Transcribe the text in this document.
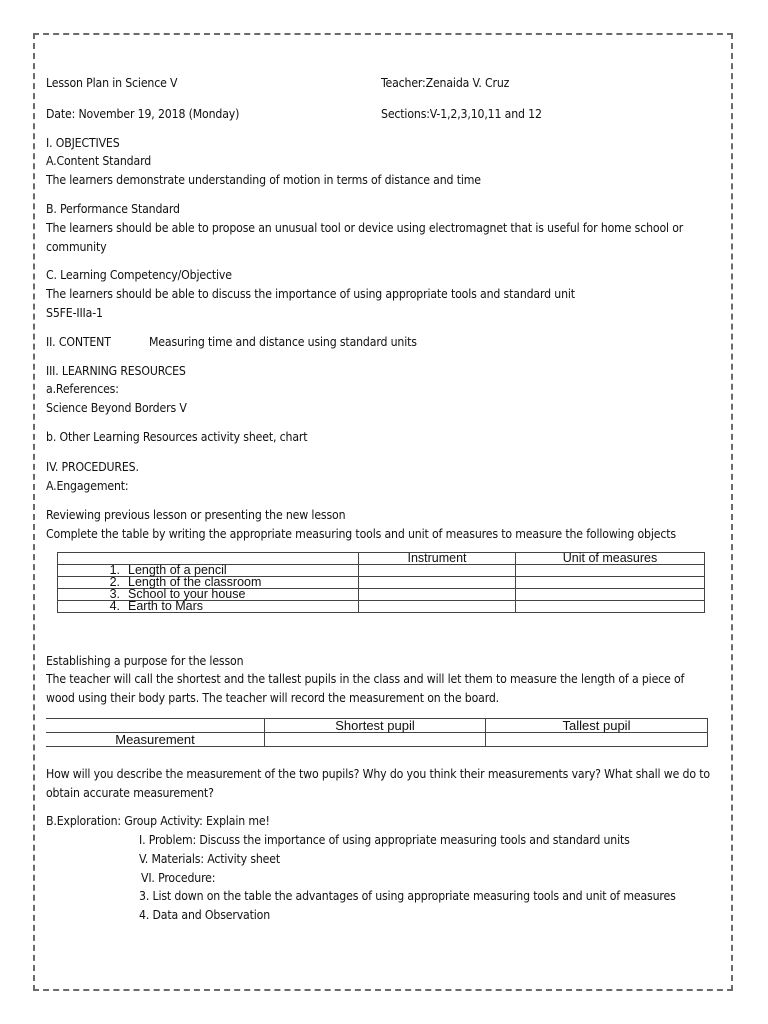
Lesson Plan in Science V	Teacher:Zenaida V. Cruz
Date: November 19, 2018 (Monday)	Sections:V-1,2,3,10,11 and 12
I. OBJECTIVES
A.Content Standard
The learners demonstrate understanding of motion in terms of distance and time
B. Performance Standard
The learners should be able to propose an unusual tool or device using electromagnet that is useful for home school or community
C. Learning Competency/Objective
The learners should be able to discuss the importance of using appropriate tools and standard unit
S5FE-IIIa-1
II. CONTENT	Measuring time and distance using standard units
III. LEARNING RESOURCES
a.References:
Science Beyond Borders V
b. Other Learning Resources activity sheet, chart
IV. PROCEDURES.
A.Engagement:
Reviewing previous lesson or presenting the new lesson
Complete the table by writing the appropriate measuring tools and unit of measures to measure the following objects
	Instrument	Unit of measures
1. Length of a pencil		
2. Length of the classroom		
3. School to your house		
4. Earth to Mars		
Establishing a purpose for the lesson
The teacher will call the shortest and the tallest pupils in the class and will let them to measure the length of a piece of wood using their body parts. The teacher will record the measurement on the board.
	Shortest pupil	Tallest pupil
Measurement		
How will you describe the measurement of the two pupils? Why do you think their measurements vary? What shall we do to obtain accurate measurement?
B.Exploration: Group Activity: Explain me!
I. Problem: Discuss the importance of using appropriate measuring tools and standard units
V. Materials: Activity sheet
VI. Procedure:
3. List down on the table the advantages of using appropriate measuring tools and unit of measures
4. Data and Observation
